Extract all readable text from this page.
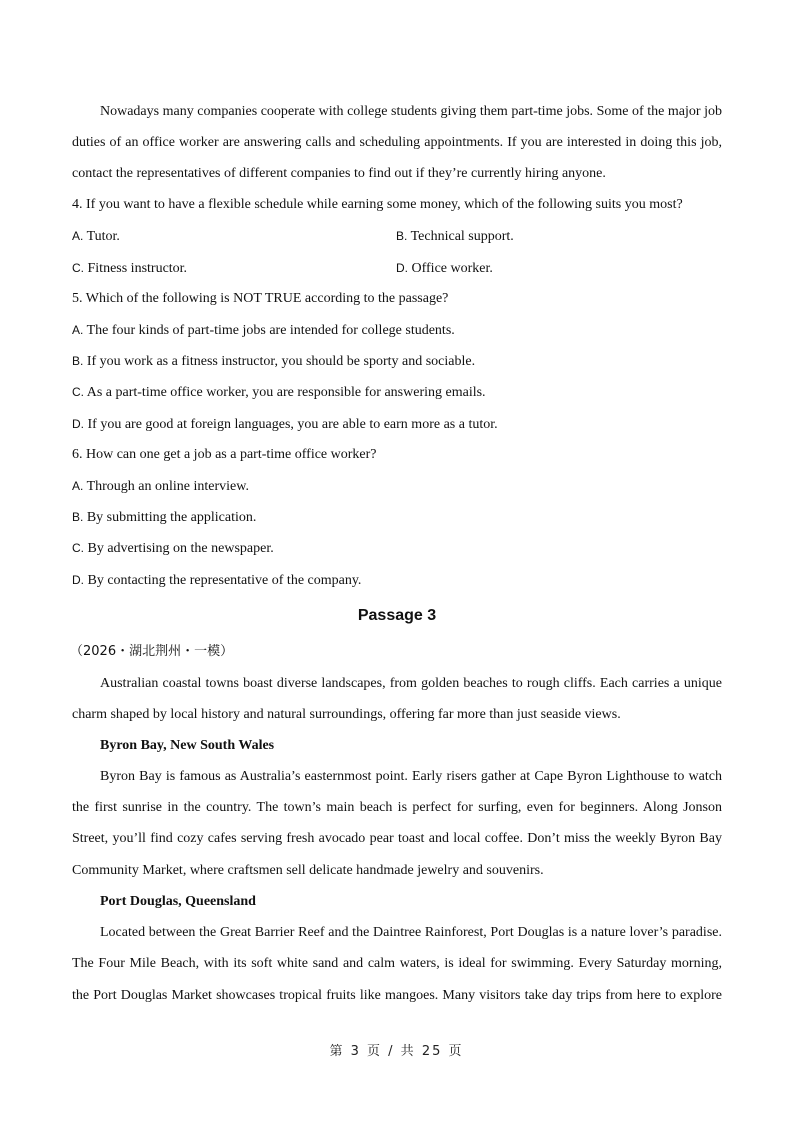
Nowadays many companies cooperate with college students giving them part-time jobs. Some of the major job
duties of an office worker are answering calls and scheduling appointments. If you are interested in doing this job,
contact the representatives of different companies to find out if they’re currently hiring anyone.
4. If you want to have a flexible schedule while earning some money, which of the following suits you most?
A. Tutor.	B. Technical support.
C. Fitness instructor.	D. Office worker.
5. Which of the following is NOT TRUE according to the passage?
A. The four kinds of part-time jobs are intended for college students.
B. If you work as a fitness instructor, you should be sporty and sociable.
C. As a part-time office worker, you are responsible for answering emails.
D. If you are good at foreign languages, you are able to earn more as a tutor.
6. How can one get a job as a part-time office worker?
A. Through an online interview.
B. By submitting the application.
C. By advertising on the newspaper.
D. By contacting the representative of the company.
Passage 3
（2026・湖北荆州・一模）
Australian coastal towns boast diverse landscapes, from golden beaches to rough cliffs. Each carries a unique
charm shaped by local history and natural surroundings, offering far more than just seaside views.
Byron Bay, New South Wales
Byron Bay is famous as Australia’s easternmost point. Early risers gather at Cape Byron Lighthouse to watch
the first sunrise in the country. The town’s main beach is perfect for surfing, even for beginners. Along Jonson
Street, you’ll find cozy cafes serving fresh avocado pear toast and local coffee. Don’t miss the weekly Byron Bay
Community Market, where craftsmen sell delicate handmade jewelry and souvenirs.
Port Douglas, Queensland
Located between the Great Barrier Reef and the Daintree Rainforest, Port Douglas is a nature lover’s paradise.
The Four Mile Beach, with its soft white sand and calm waters, is ideal for swimming. Every Saturday morning,
the Port Douglas Market showcases tropical fruits like mangoes. Many visitors take day trips from here to explore
第 3 页 / 共 25 页
